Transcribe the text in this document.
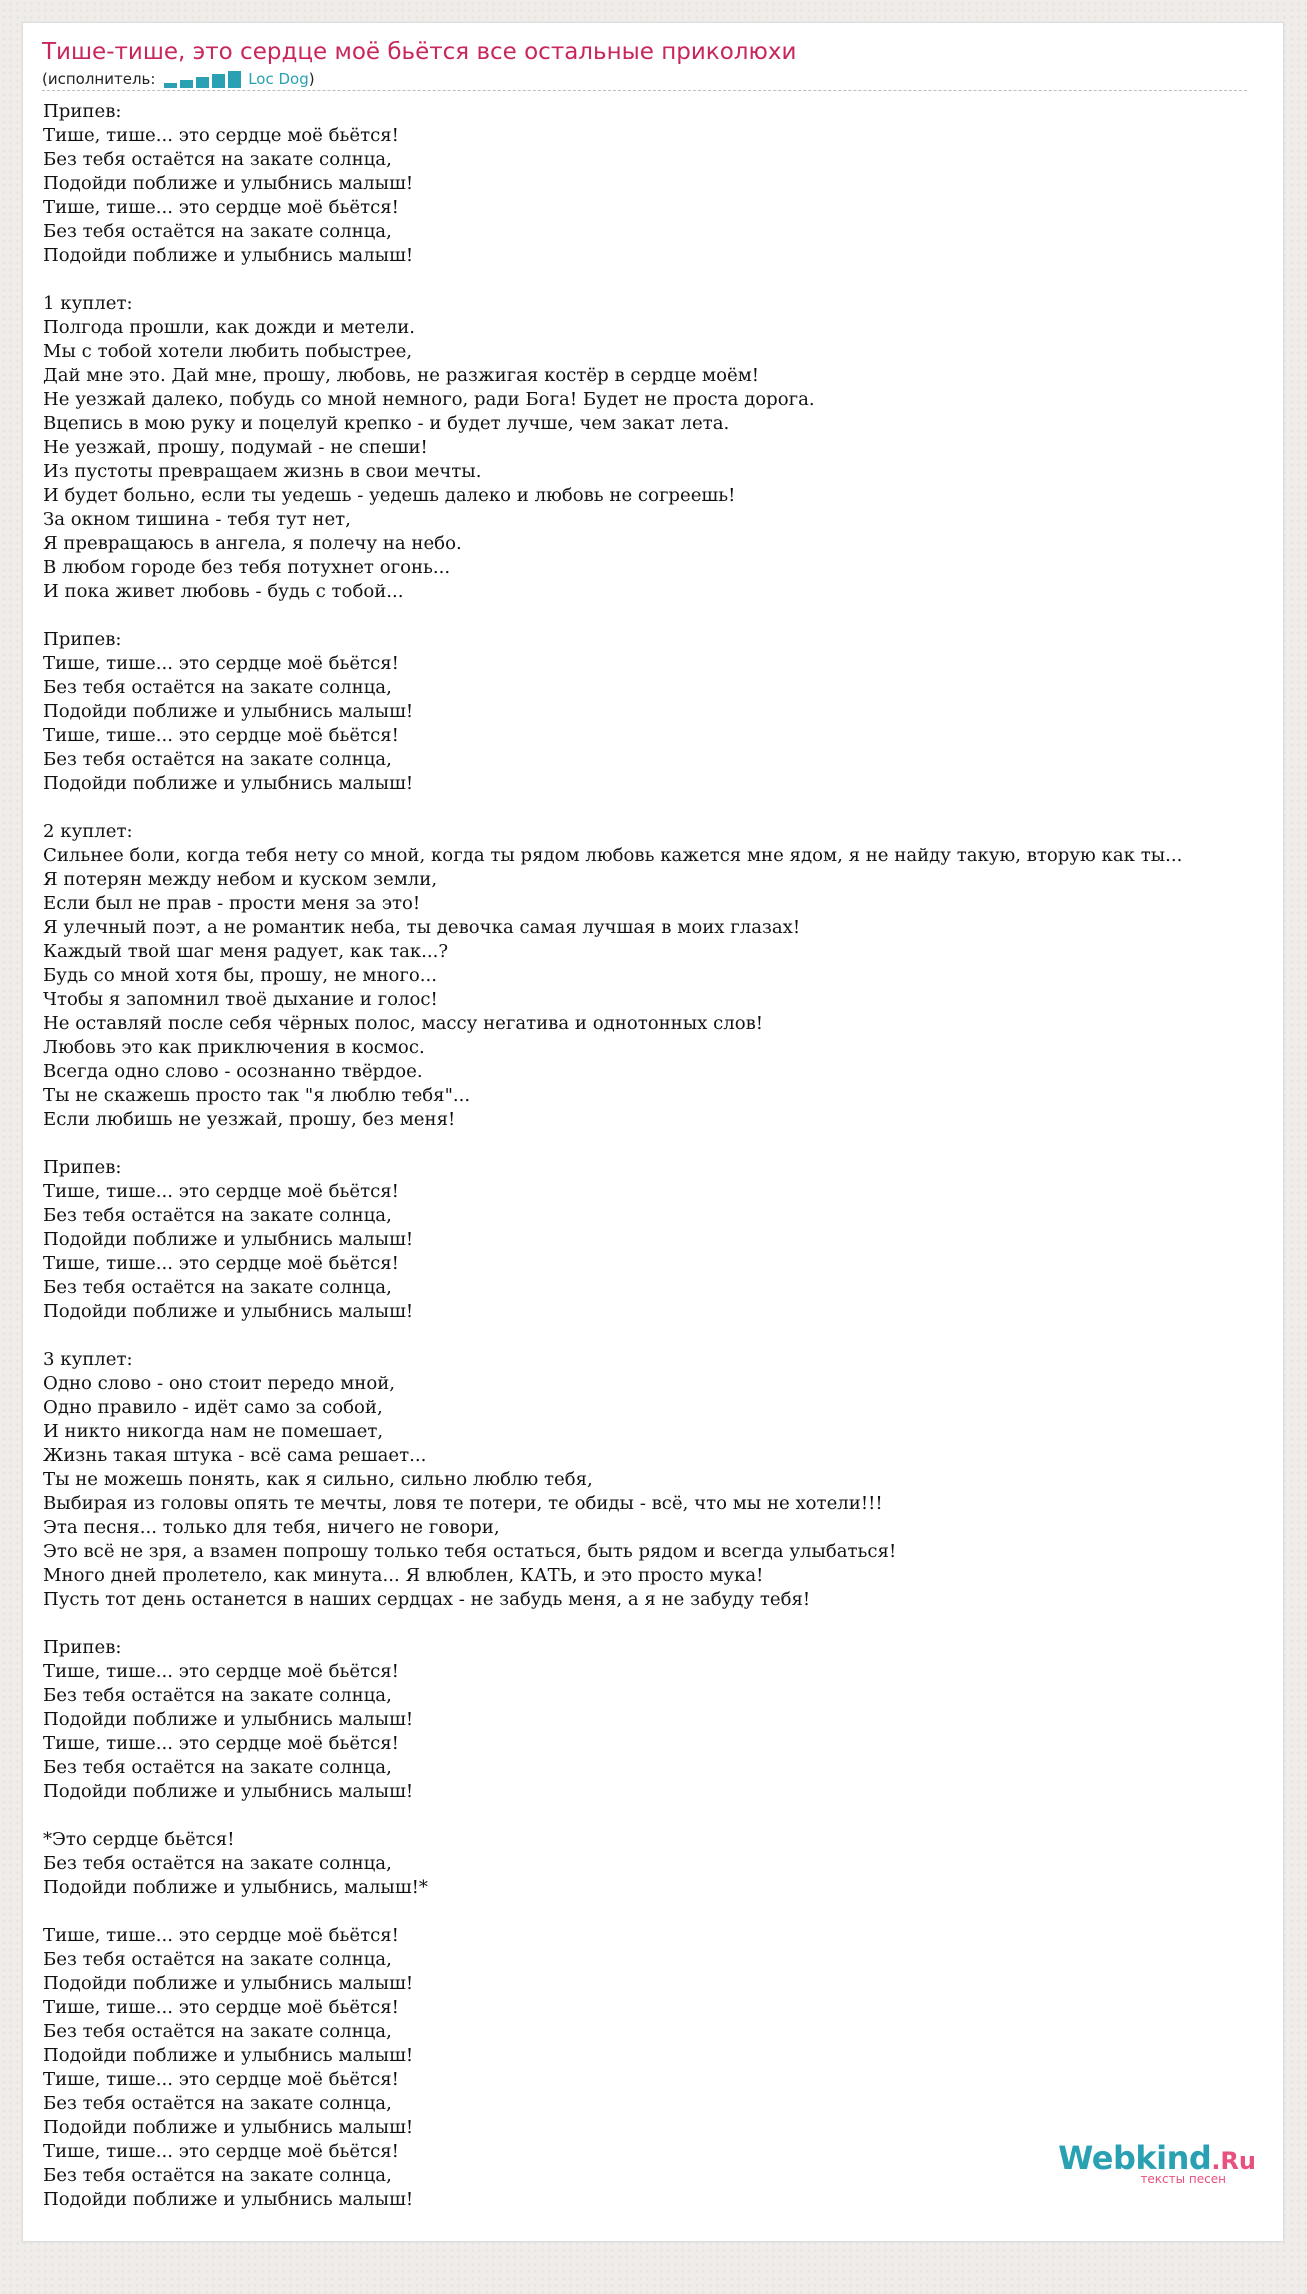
Тише-тише, это сердце моё бьётся все остальные приколюхи
(исполнитель:	Loc Dog)
Припев:
Тише, тише... это сердце моё бьётся!
Без тебя остаётся на закате солнца,
Подойди поближе и улыбнись малыш!
Тише, тише... это сердце моё бьётся!
Без тебя остаётся на закате солнца,
Подойди поближе и улыбнись малыш!

1 куплет:
Полгода прошли, как дожди и метели.
Мы с тобой хотели любить побыстрее,
Дай мне это. Дай мне, прошу, любовь, не разжигая костёр в сердце моём!
Не уезжай далеко, побудь со мной немного, ради Бога! Будет не проста дорога.
Вцепись в мою руку и поцелуй крепко - и будет лучше, чем закат лета.
Не уезжай, прошу, подумай - не спеши!
Из пустоты превращаем жизнь в свои мечты.
И будет больно, если ты уедешь - уедешь далеко и любовь не согреешь!
За окном тишина - тебя тут нет,
Я превращаюсь в ангела, я полечу на небо.
В любом городе без тебя потухнет огонь...
И пока живет любовь - будь с тобой...

Припев:
Тише, тише... это сердце моё бьётся!
Без тебя остаётся на закате солнца,
Подойди поближе и улыбнись малыш!
Тише, тише... это сердце моё бьётся!
Без тебя остаётся на закате солнца,
Подойди поближе и улыбнись малыш!

2 куплет:
Сильнее боли, когда тебя нету со мной, когда ты рядом любовь кажется мне ядом, я не найду такую, вторую как ты...
Я потерян между небом и куском земли,
Если был не прав - прости меня за это!
Я улечный поэт, а не романтик неба, ты девочка самая лучшая в моих глазах!
Каждый твой шаг меня радует, как так...?
Будь со мной хотя бы, прошу, не много...
Чтобы я запомнил твоё дыхание и голос!
Не оставляй после себя чёрных полос, массу негатива и однотонных слов!
Любовь это как приключения в космос.
Всегда одно слово - осознанно твёрдое.
Ты не скажешь просто так "я люблю тебя"...
Если любишь не уезжай, прошу, без меня!

Припев:
Тише, тише... это сердце моё бьётся!
Без тебя остаётся на закате солнца,
Подойди поближе и улыбнись малыш!
Тише, тише... это сердце моё бьётся!
Без тебя остаётся на закате солнца,
Подойди поближе и улыбнись малыш!

3 куплет:
Одно слово - оно стоит передо мной,
Одно правило - идёт само за собой,
И никто никогда нам не помешает,
Жизнь такая штука - всё сама решает...
Ты не можешь понять, как я сильно, сильно люблю тебя,
Выбирая из головы опять те мечты, ловя те потери, те обиды - всё, что мы не хотели!!!
Эта песня... только для тебя, ничего не говори,
Это всё не зря, а взамен попрошу только тебя остаться, быть рядом и всегда улыбаться!
Много дней пролетело, как минута... Я влюблен, КАТЬ, и это просто мука!
Пусть тот день останется в наших сердцах - не забудь меня, а я не забуду тебя!

Припев:
Тише, тише... это сердце моё бьётся!
Без тебя остаётся на закате солнца,
Подойди поближе и улыбнись малыш!
Тише, тише... это сердце моё бьётся!
Без тебя остаётся на закате солнца,
Подойди поближе и улыбнись малыш!

*Это сердце бьётся!
Без тебя остаётся на закате солнца,
Подойди поближе и улыбнись, малыш!*

Тише, тише... это сердце моё бьётся!
Без тебя остаётся на закате солнца,
Подойди поближе и улыбнись малыш!
Тише, тише... это сердце моё бьётся!
Без тебя остаётся на закате солнца,
Подойди поближе и улыбнись малыш!
Тише, тише... это сердце моё бьётся!
Без тебя остаётся на закате солнца,
Подойди поближе и улыбнись малыш!
Тише, тише... это сердце моё бьётся!
Без тебя остаётся на закате солнца,
Подойди поближе и улыбнись малыш!
Webkind.Ru
тексты песен
